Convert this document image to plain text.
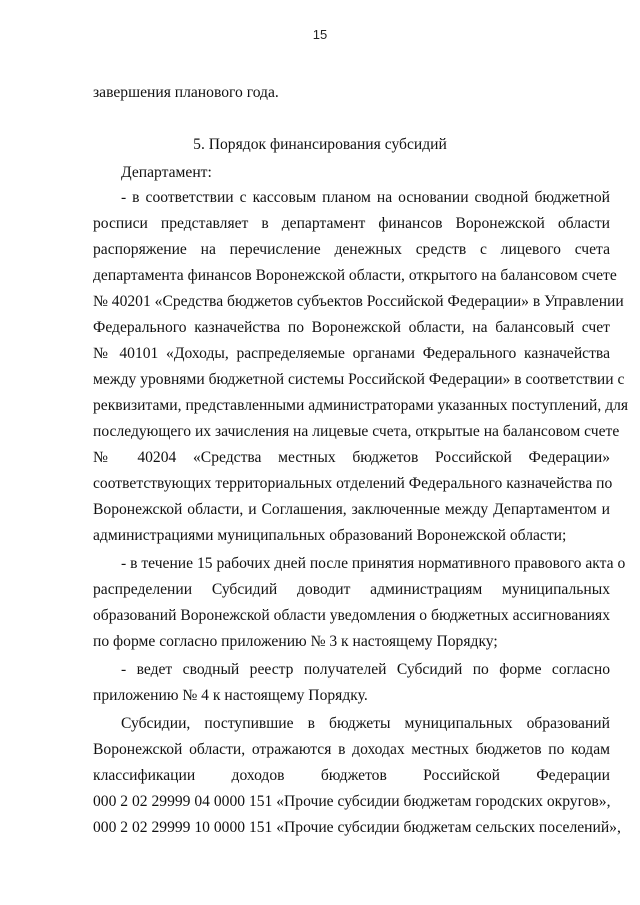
15
завершения планового года.
5. Порядок финансирования субсидий
Департамент:
- в соответствии с кассовым планом на основании сводной бюджетной
росписи представляет в департамент финансов Воронежской области
распоряжение на перечисление денежных средств с лицевого счета
департамента финансов Воронежской области, открытого на балансовом счете
№ 40201 «Средства бюджетов субъектов Российской Федерации» в Управлении
Федерального казначейства по Воронежской области, на балансовый счет
№ 40101 «Доходы, распределяемые органами Федерального казначейства
между уровнями бюджетной системы Российской Федерации» в соответствии с
реквизитами, представленными администраторами указанных поступлений, для
последующего их зачисления на лицевые счета, открытые на балансовом счете
№ 40204 «Средства местных бюджетов Российской Федерации»
соответствующих территориальных отделений Федерального казначейства по
Воронежской области, и Соглашения, заключенные между Департаментом и
администрациями муниципальных образований Воронежской области;
- в течение 15 рабочих дней после принятия нормативного правового акта о
распределении Субсидий доводит администрациям муниципальных
образований Воронежской области уведомления о бюджетных ассигнованиях
по форме согласно приложению № 3 к настоящему Порядку;
- ведет сводный реестр получателей Субсидий по форме согласно
приложению № 4 к настоящему Порядку.
Субсидии, поступившие в бюджеты муниципальных образований
Воронежской области, отражаются в доходах местных бюджетов по кодам
классификации доходов бюджетов Российской Федерации
000 2 02 29999 04 0000 151 «Прочие субсидии бюджетам городских округов»,
000 2 02 29999 10 0000 151 «Прочие субсидии бюджетам сельских поселений»,
